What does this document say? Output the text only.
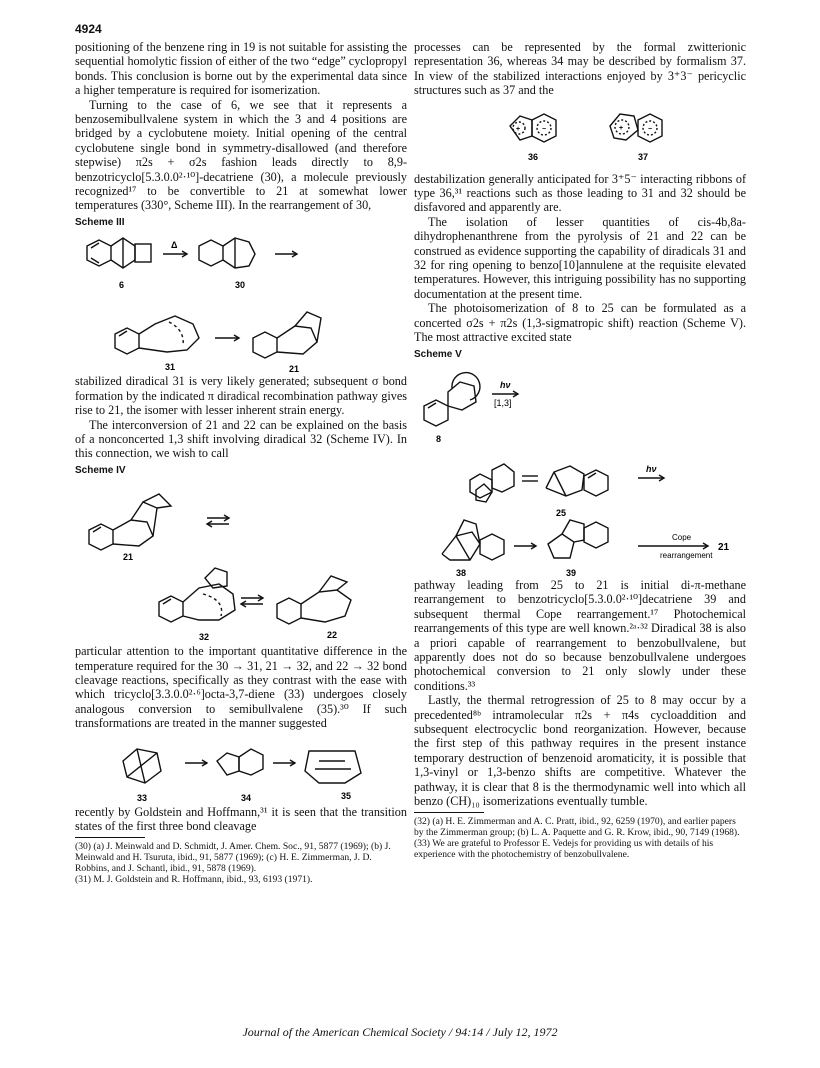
4924

positioning of the benzene ring in 19 is not suitable for assisting the sequential homolytic fission of either of the two “edge” cyclopropyl bonds. This conclusion is borne out by the experimental data since a higher temperature is required for isomerization.

Turning to the case of 6, we see that it represents a benzosemibullvalene system in which the 3 and 4 positions are bridged by a cyclobutene moiety. Initial opening of the central cyclobutene single bond in symmetry-disallowed (and therefore stepwise) π2s + σ2s fashion leads directly to 8,9-benzotricyclo[5.3.0.0²·¹⁰]-decatriene (30), a molecule previously recognized¹⁷ to be convertible to 21 at somewhat lower temperatures (330°, Scheme III). In the rearrangement of 30,

Scheme III
6
Δ
30
31	21

stabilized diradical 31 is very likely generated; subsequent σ bond formation by the indicated π diradical recombination pathway gives rise to 21, the isomer with lesser inherent strain energy.

The interconversion of 21 and 22 can be explained on the basis of a nonconcerted 1,3 shift involving diradical 32 (Scheme IV). In this connection, we wish to call

Scheme IV
21
32	22

particular attention to the important quantitative difference in the temperature required for the 30 → 31, 21 → 32, and 22 → 32 bond cleavage reactions, specifically as they contrast with the ease with which tricyclo[3.3.0.0²·⁶]octa-3,7-diene (33) undergoes closely analogous conversion to semibullvalene (35).³⁰ If such transformations are treated in the manner suggested

33	34	35

recently by Goldstein and Hoffmann,³¹ it is seen that the transition states of the first three bond cleavage

(30) (a) J. Meinwald and D. Schmidt, J. Amer. Chem. Soc., 91, 5877 (1969); (b) J. Meinwald and H. Tsuruta, ibid., 91, 5877 (1969); (c) H. E. Zimmerman, J. D. Robbins, and J. Schantl, ibid., 91, 5878 (1969).

(31) M. J. Goldstein and R. Hoffmann, ibid., 93, 6193 (1971).

processes can be represented by the formal zwitterionic representation 36, whereas 34 may be described by formalism 37. In view of the stabilized interactions enjoyed by 3⁺3⁻ pericyclic structures such as 37 and the

+	−
36
+	−
37

destabilization generally anticipated for 3⁺5⁻ interacting ribbons of type 36,³¹ reactions such as those leading to 31 and 32 should be disfavored and apparently are.

The isolation of lesser quantities of cis-4b,8a-dihydrophenanthrene from the pyrolysis of 21 and 22 can be construed as evidence supporting the capability of diradicals 31 and 32 for ring opening to benzo[10]annulene at the requisite elevated temperatures. However, this intriguing possibility has no supporting documentation at the present time.

The photoisomerization of 8 to 25 can be formulated as a concerted σ2s + π2s (1,3-sigmatropic shift) reaction (Scheme V). The most attractive excited state

Scheme V
8
hν
[1,3]
25
hν
38	39
Cope
rearrangement
21

pathway leading from 25 to 21 is initial di-π-methane rearrangement to benzotricyclo[5.3.0.0²·¹⁰]decatriene 39 and subsequent thermal Cope rearrangement.¹⁷ Photochemical rearrangements of this type are well known.²ᵃ·³² Diradical 38 is also a priori capable of rearrangement to benzobullvalene, but apparently does not do so because benzobullvalene undergoes photochemical conversion to 21 only slowly under these conditions.³³

Lastly, the thermal retrogression of 25 to 8 may occur by a precedented⁸ᵇ intramolecular π2s + π4s cycloaddition and subsequent electrocyclic bond reorganization. However, because the first step of this pathway requires in the present instance temporary destruction of benzenoid aromaticity, it is possible that 1,3-vinyl or 1,3-benzo shifts are competitive. Whatever the pathway, it is clear that 8 is the thermodynamic well into which all benzo (CH)₁₀ isomerizations eventually tumble.

(32) (a) H. E. Zimmerman and A. C. Pratt, ibid., 92, 6259 (1970), and earlier papers by the Zimmerman group; (b) L. A. Paquette and G. R. Krow, ibid., 90, 7149 (1968).

(33) We are grateful to Professor E. Vedejs for providing us with details of his experience with the photochemistry of benzobullvalene.

Journal of the American Chemical Society / 94:14 / July 12, 1972
